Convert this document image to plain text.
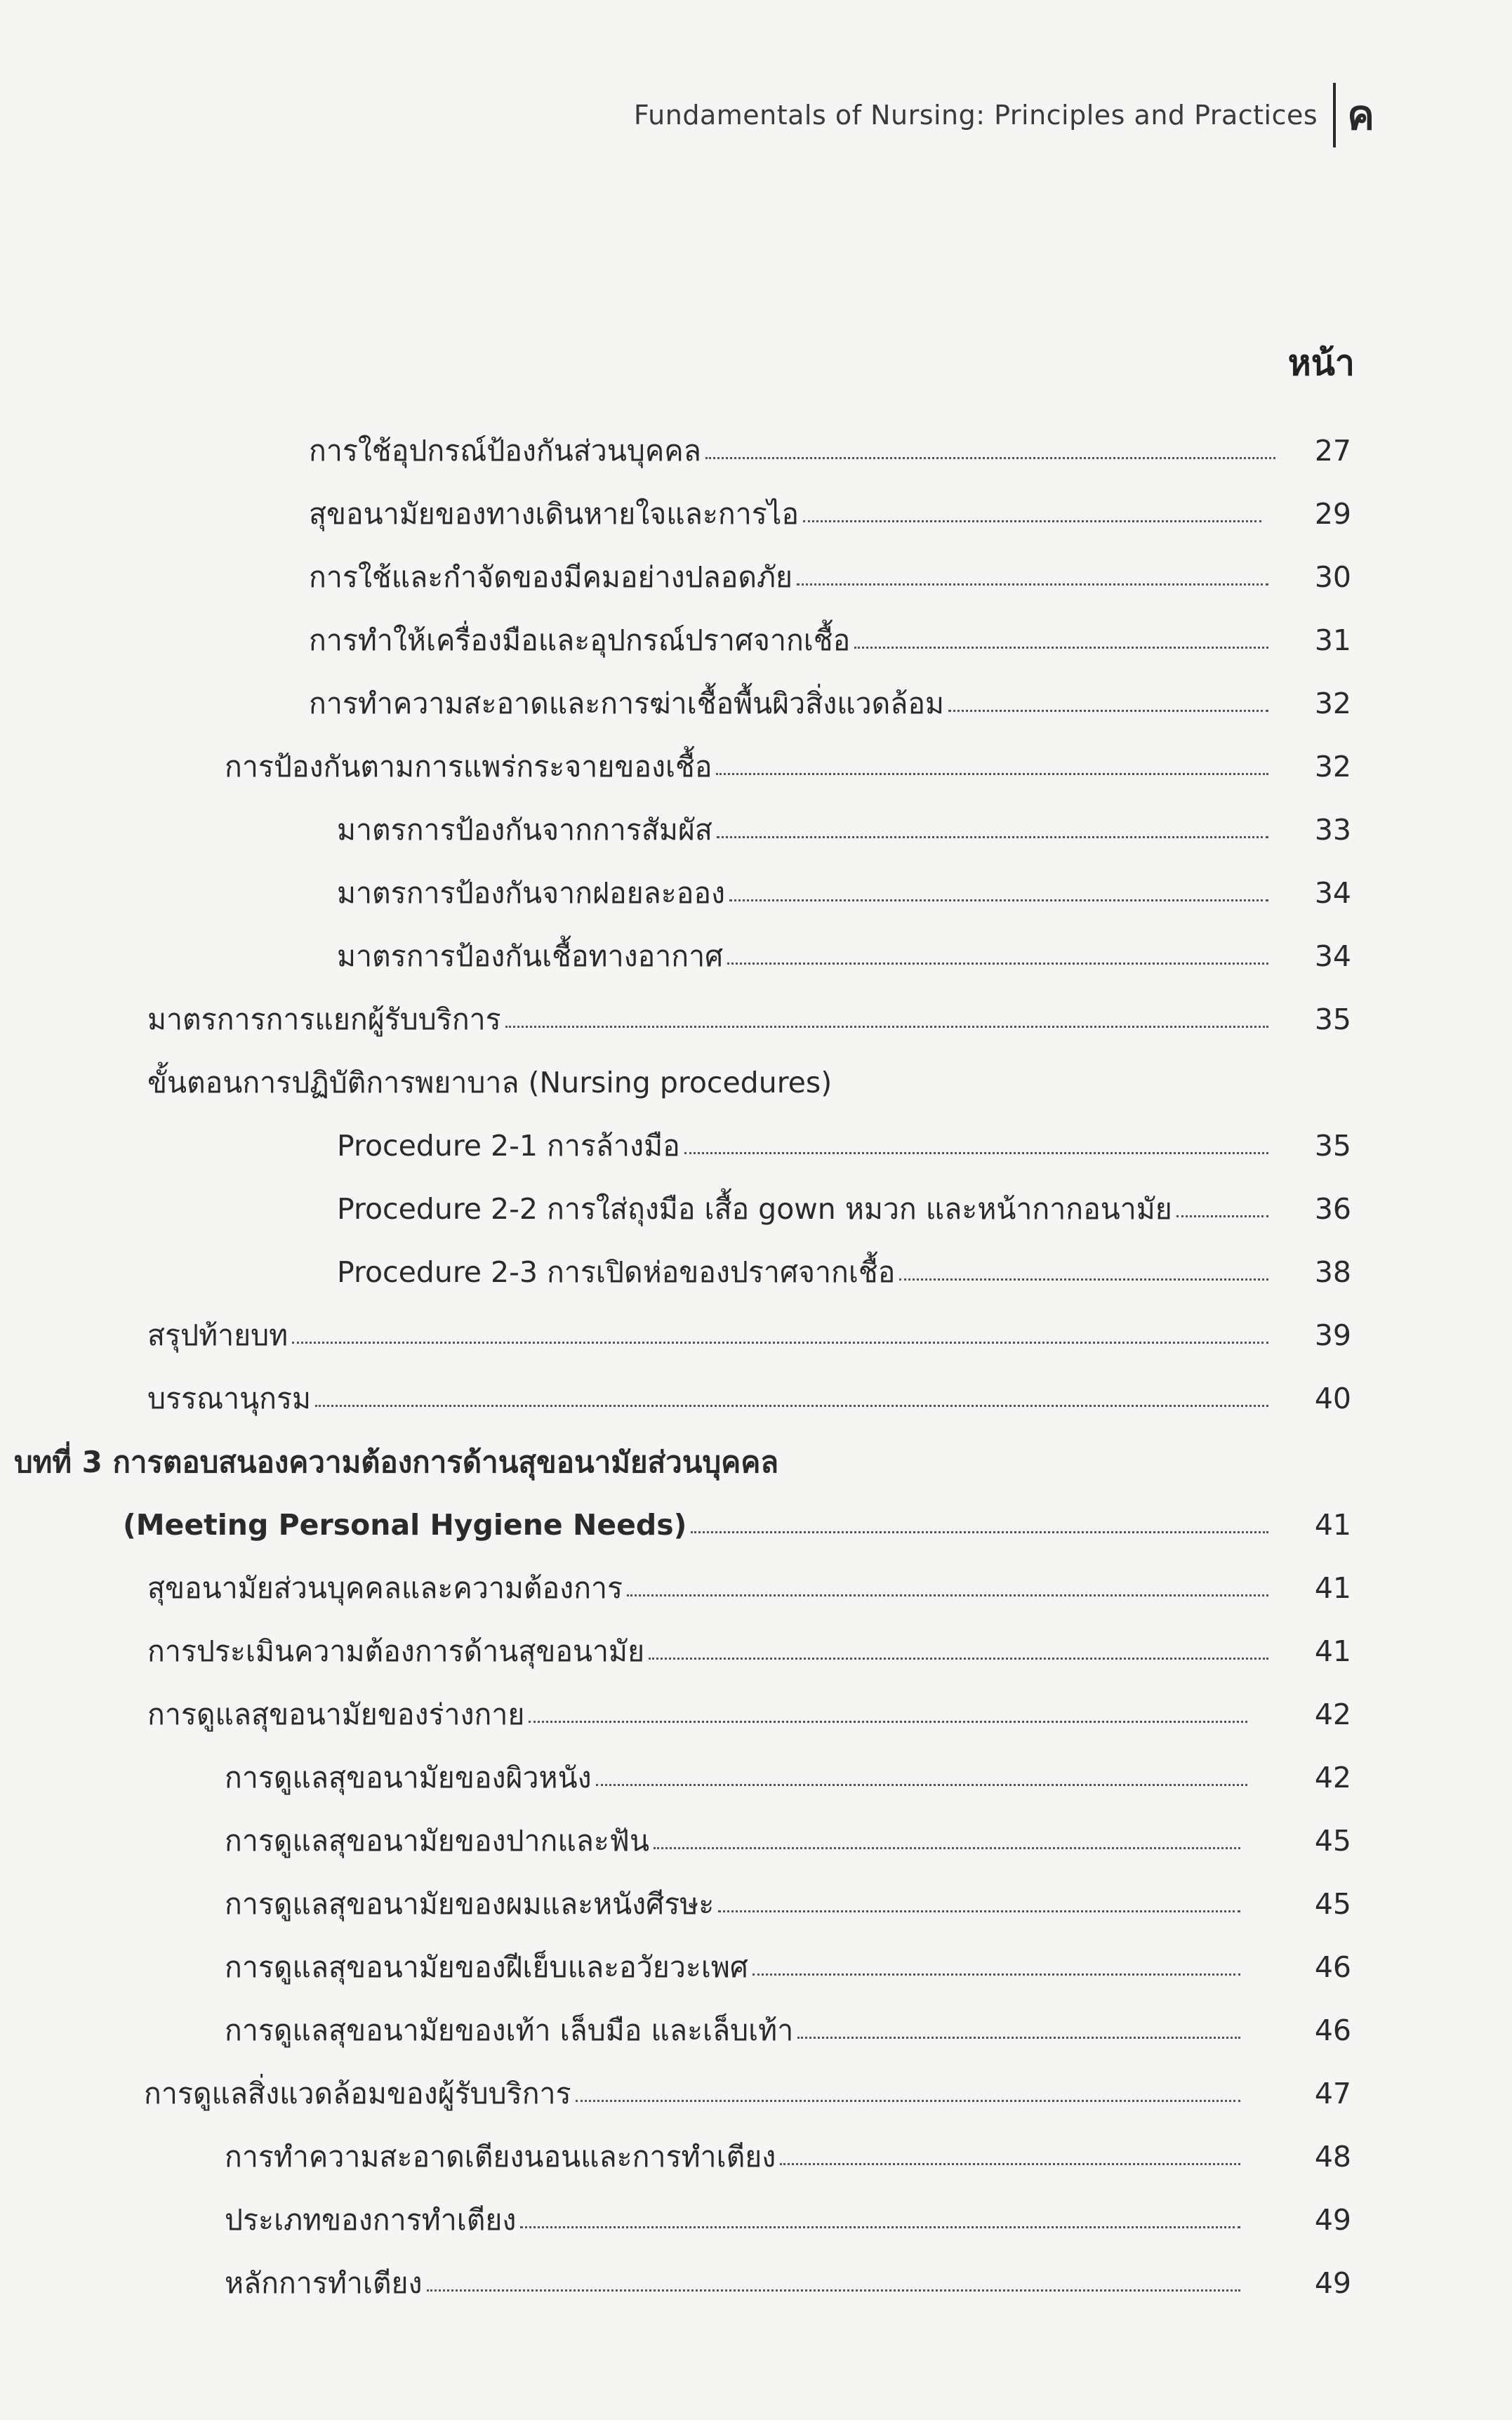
Fundamentals of Nursing: Principles and Practices ค
หน้า
การใช้อุปกรณ์ป้องกันส่วนบุคคล	27
สุขอนามัยของทางเดินหายใจและการไอ	29
การใช้และกำจัดของมีคมอย่างปลอดภัย	30
การทำให้เครื่องมือและอุปกรณ์ปราศจากเชื้อ	31
การทำความสะอาดและการฆ่าเชื้อพื้นผิวสิ่งแวดล้อม	32
การป้องกันตามการแพร่กระจายของเชื้อ	32
มาตรการป้องกันจากการสัมผัส	33
มาตรการป้องกันจากฝอยละออง	34
มาตรการป้องกันเชื้อทางอากาศ	34
มาตรการการแยกผู้รับบริการ	35
ขั้นตอนการปฏิบัติการพยาบาล (Nursing procedures)
Procedure 2-1 การล้างมือ	35
Procedure 2-2 การใส่ถุงมือ เสื้อ gown หมวก และหน้ากากอนามัย	36
Procedure 2-3 การเปิดห่อของปราศจากเชื้อ	38
สรุปท้ายบท	39
บรรณานุกรม	40
บทที่ 3 การตอบสนองความต้องการด้านสุขอนามัยส่วนบุคคล
(Meeting Personal Hygiene Needs)	41
สุขอนามัยส่วนบุคคลและความต้องการ	41
การประเมินความต้องการด้านสุขอนามัย	41
การดูแลสุขอนามัยของร่างกาย	42
การดูแลสุขอนามัยของผิวหนัง	42
การดูแลสุขอนามัยของปากและฟัน	45
การดูแลสุขอนามัยของผมและหนังศีรษะ	45
การดูแลสุขอนามัยของฝีเย็บและอวัยวะเพศ	46
การดูแลสุขอนามัยของเท้า เล็บมือ และเล็บเท้า	46
การดูแลสิ่งแวดล้อมของผู้รับบริการ	47
การทำความสะอาดเตียงนอนและการทำเตียง	48
ประเภทของการทำเตียง	49
หลักการทำเตียง	49
